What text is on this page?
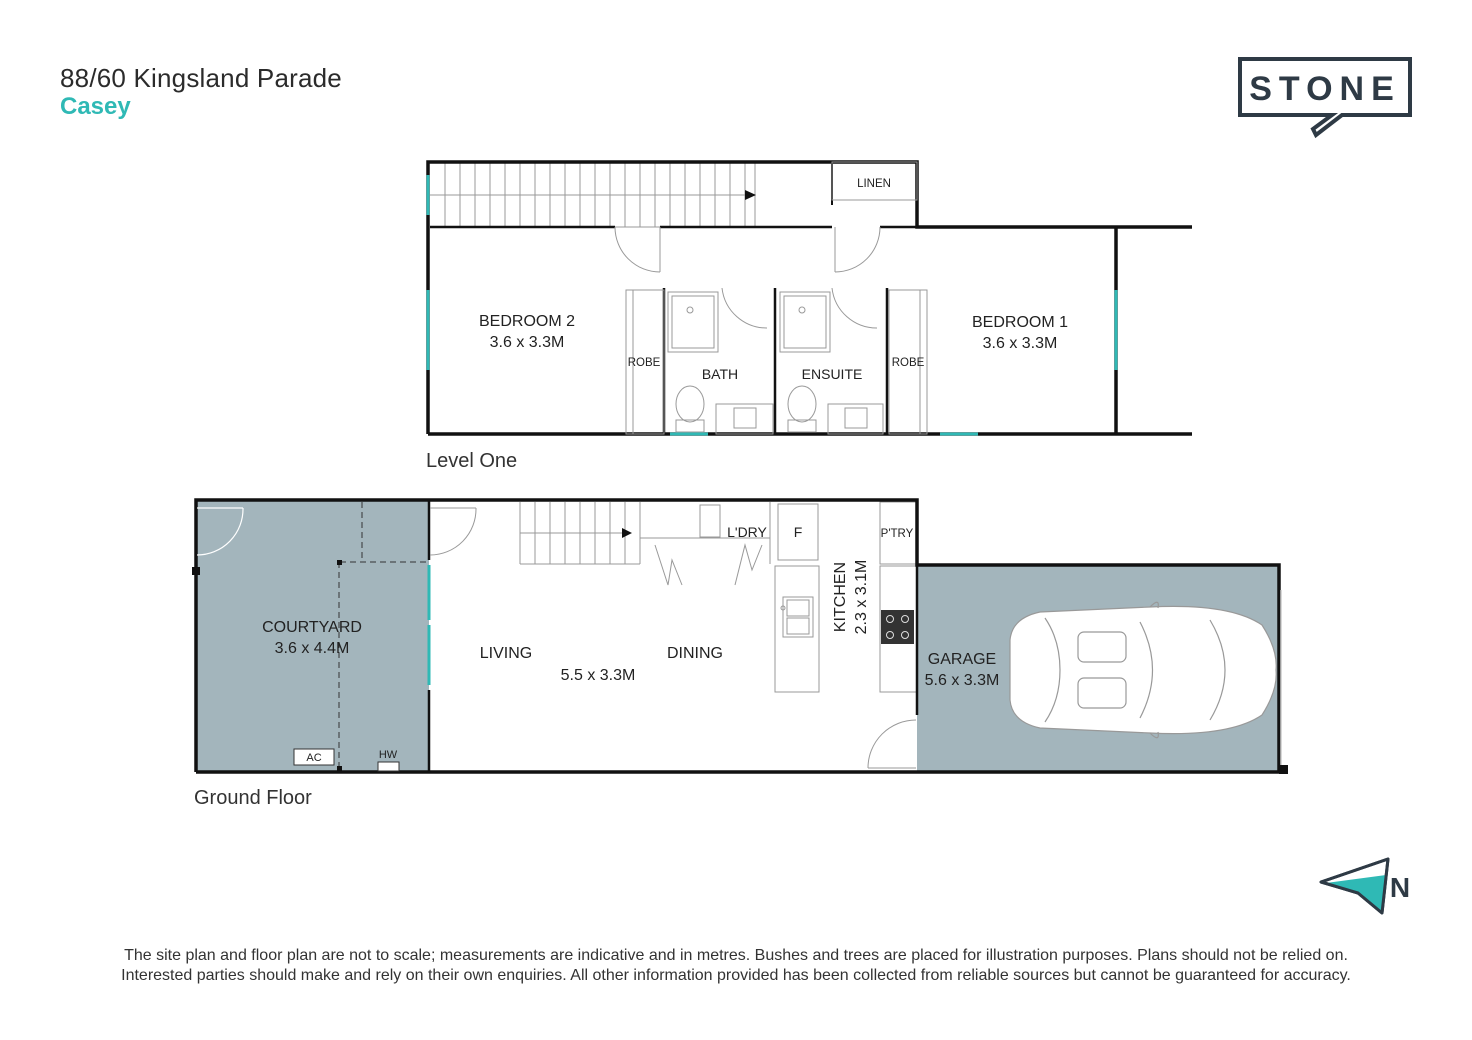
88/60 Kingsland Parade
Casey	STONE
BEDROOM 2
3.6 x 3.3M
BEDROOM 1
3.6 x 3.3M
ROBE	ROBE
BATH	ENSUITE
LINEN
Level One
AC	HW
COURTYARD
3.6 x 4.4M	LIVING	DINING
5.5 x 3.3M
L'DRY F	P'TRY
KITCHEN 2.3 x 3.1M
GARAGE
5.6 x 3.3M
Ground Floor
N
The site plan and floor plan are not to scale; measurements are indicative and in metres. Bushes and trees are placed for illustration purposes. Plans should not be relied on.
Interested parties should make and rely on their own enquiries. All other information provided has been collected from reliable sources but cannot be guaranteed for accuracy.
